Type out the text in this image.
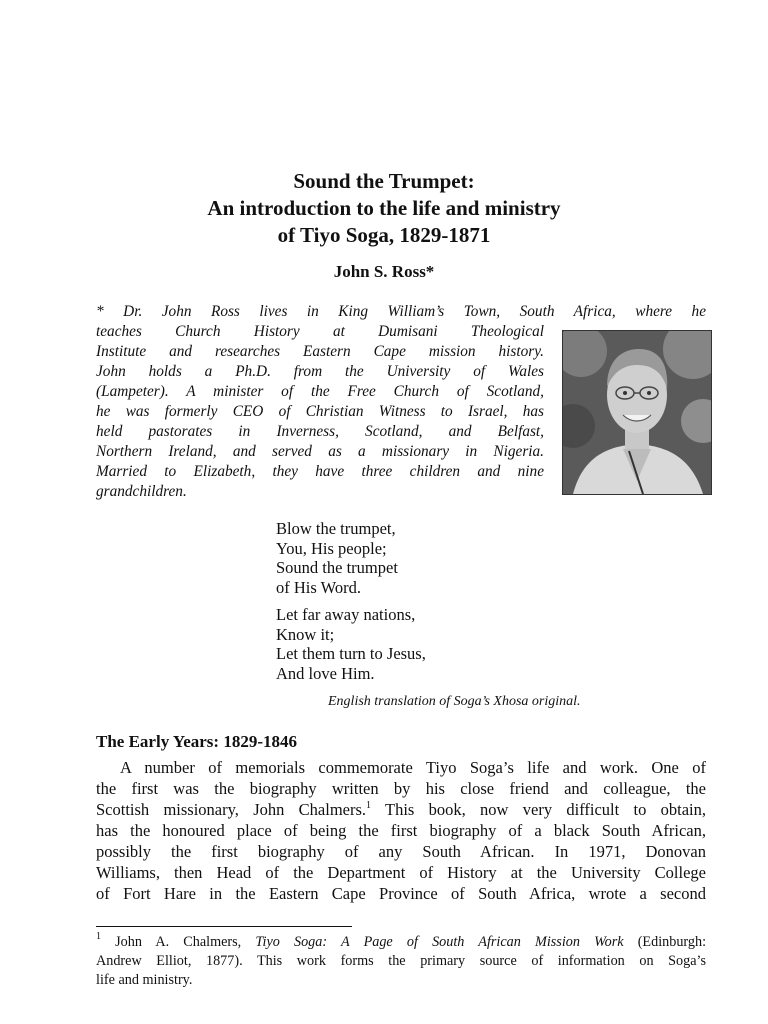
Sound the Trumpet:
An introduction to the life and ministry
of Tiyo Soga, 1829-1871
John S. Ross*
* Dr. John Ross lives in King William’s Town, South Africa, where he
teaches Church History at Dumisani Theological
Institute and researches Eastern Cape mission history.
John holds a Ph.D. from the University of Wales
(Lampeter). A minister of the Free Church of Scotland,
he was formerly CEO of Christian Witness to Israel, has
held pastorates in Inverness, Scotland, and Belfast,
Northern Ireland, and served as a missionary in Nigeria.
Married to Elizabeth, they have three children and nine
grandchildren.
Blow the trumpet,
You, His people;
Sound the trumpet
of His Word.
Let far away nations,
Know it;
Let them turn to Jesus,
And love Him.
English translation of Soga’s Xhosa original.
The Early Years: 1829-1846
A number of memorials commemorate Tiyo Soga’s life and work. One of
the first was the biography written by his close friend and colleague, the
Scottish missionary, John Chalmers.$^1$ This book, now very difficult to obtain,
has the honoured place of being the first biography of a black South African,
possibly the first biography of any South African. In 1971, Donovan
Williams, then Head of the Department of History at the University College
of Fort Hare in the Eastern Cape Province of South Africa, wrote a second
$^1$ John A. Chalmers, Tiyo Soga: A Page of South African Mission Work (Edinburgh:
Andrew Elliot, 1877). This work forms the primary source of information on Soga’s
life and ministry.
